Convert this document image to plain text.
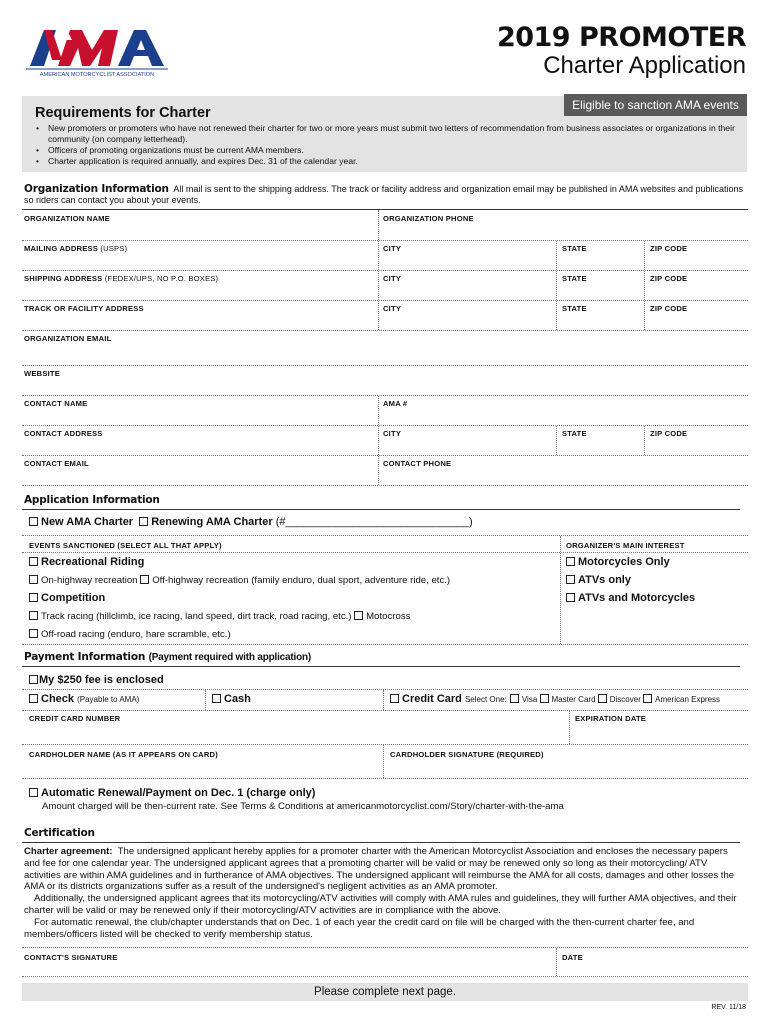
AMERICAN MOTORCYCLIST ASSOCIATION
2019 PROMOTER
Charter Application
Eligible to sanction AMA events
Requirements for Charter
• New promoters or promoters who have not renewed their charter for two or more years must submit two letters of recommendation from business associates or organizations in their community (on company letterhead).
• Officers of promoting organizations must be current AMA members.
• Charter application is required annually, and expires Dec. 31 of the calendar year.
Organization Information All mail is sent to the shipping address. The track or facility address and organization email may be published in AMA websites and publications so riders can contact you about your events.
ORGANIZATION NAME	ORGANIZATION PHONE
MAILING ADDRESS (USPS)	CITY	STATE	ZIP CODE
SHIPPING ADDRESS (FEDEX/UPS, NO P.O. BOXES)	CITY	STATE	ZIP CODE
TRACK OR FACILITY ADDRESS	CITY	STATE	ZIP CODE
ORGANIZATION EMAIL
WEBSITE
CONTACT NAME	AMA #
CONTACT ADDRESS	CITY	STATE	ZIP CODE
CONTACT EMAIL	CONTACT PHONE
Application Information
New AMA Charter Renewing AMA Charter (#______________________________)
EVENTS SANCTIONED (SELECT ALL THAT APPLY)	ORGANIZER'S MAIN INTEREST
Recreational Riding	Motorcycles Only
On-highway recreation Off-highway recreation (family enduro, dual sport, adventure ride, etc.)	ATVs only
Competition	ATVs and Motorcycles
Track racing (hillclimb, ice racing, land speed, dirt track, road racing, etc.) Motocross
Off-road racing (enduro, hare scramble, etc.)
Payment Information (Payment required with application)
My $250 fee is enclosed
Check (Payable to AMA)	Cash	Credit Card Select One: Visa Master Card Discover American Express
CREDIT CARD NUMBER	EXPIRATION DATE
CARDHOLDER NAME (AS IT APPEARS ON CARD)	CARDHOLDER SIGNATURE (REQUIRED)
Automatic Renewal/Payment on Dec. 1 (charge only)
Amount charged will be then-current rate. See Terms & Conditions at americanmotorcyclist.com/Story/charter-with-the-ama
Certification

Charter agreement: The undersigned applicant hereby applies for a promoter charter with the American Motorcyclist Association and encloses the necessary papers and fee for one calendar year. The undersigned applicant agrees that a promoting charter will be valid or may be renewed only so long as their motorcycling/ ATV activities are within AMA guidelines and in furtherance of AMA objectives. The undersigned applicant will reimburse the AMA for all costs, damages and other losses the AMA or its districts organizations suffer as a result of the undersigned's negligent activities as an AMA promoter.

Additionally, the undersigned applicant agrees that its motorcycling/ATV activities will comply with AMA rules and guidelines, they will further AMA objectives, and their charter will be valid or may be renewed only if their motorcycling/ATV activities are in compliance with the above.

For automatic renewal, the club/chapter understands that on Dec. 1 of each year the credit card on file will be charged with the then-current charter fee, and members/officers listed will be checked to verify membership status.

CONTACT'S SIGNATURE	DATE
Please complete next page.
REV. 11/18
